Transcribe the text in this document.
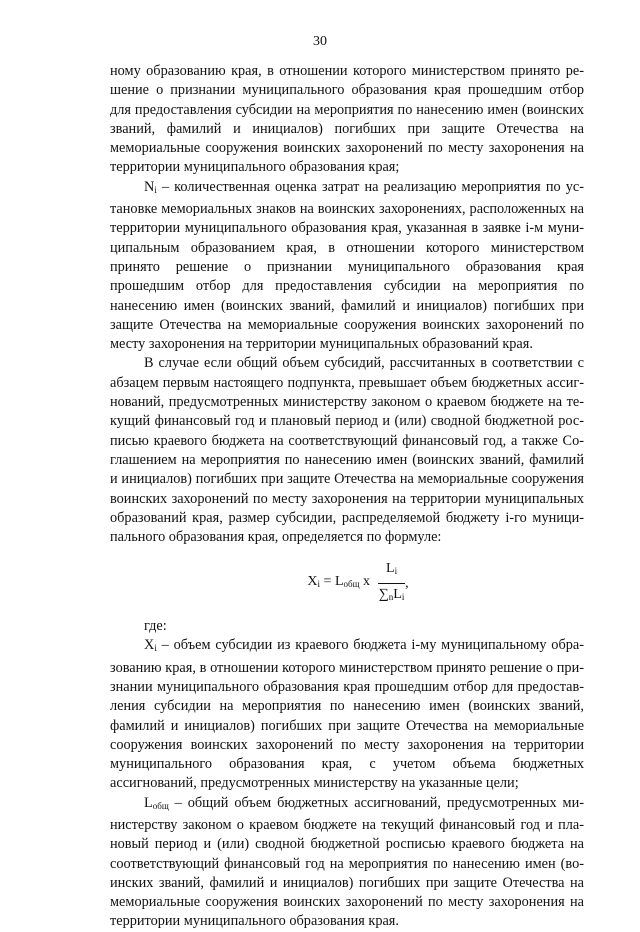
30

ному образованию края, в отношении которого министерством принято решение о признании муниципального образования края прошедшим отбор для предоставления субсидии на мероприятия по нанесению имен (воинских званий, фамилий и инициалов) погибших при защите Отечества на мемориальные сооружения воинских захоронений по месту захоронения на территории муниципального образования края;

$N_i$ – количественная оценка затрат на реализацию мероприятия по установке мемориальных знаков на воинских захоронениях, расположенных на территории муниципального образования края, указанная в заявке i-м муниципальным образованием края, в отношении которого министерством принято решение о признании муниципального образования края прошедшим отбор для предоставления субсидии на мероприятия по нанесению имен (воинских званий, фамилий и инициалов) погибших при защите Отечества на мемориальные сооружения воинских захоронений по месту захоронения на территории муниципальных образований края.

В случае если общий объем субсидий, рассчитанных в соответствии с абзацем первым настоящего подпункта, превышает объем бюджетных ассигнований, предусмотренных министерству законом о краевом бюджете на текущий финансовый год и плановый период и (или) сводной бюджетной росписью краевого бюджета на соответствующий финансовый год, а также Соглашением на мероприятия по нанесению имен (воинских званий, фамилий и инициалов) погибших при защите Отечества на мемориальные сооружения воинских захоронений по месту захоронения на территории муниципальных образований края, размер субсидии, распределяемой бюджету i-го муниципального образования края, определяется по формуле:

$X_i = L_{общ}$ x $\frac{L_i}{\sum_nL_i}$ ,

где:

$X_i$ – объем субсидии из краевого бюджета i-му муниципальному образованию края, в отношении которого министерством принято решение о признании муниципального образования края прошедшим отбор для предоставления субсидии на мероприятия по нанесению имен (воинских званий, фамилий и инициалов) погибших при защите Отечества на мемориальные сооружения воинских захоронений по месту захоронения на территории муниципального образования края, с учетом объема бюджетных ассигнований, предусмотренных министерству на указанные цели;

$L_{общ}$ – общий объем бюджетных ассигнований, предусмотренных министерству законом о краевом бюджете на текущий финансовый год и плановый период и (или) сводной бюджетной росписью краевого бюджета на соответствующий финансовый год на мероприятия по нанесению имен (воинских званий, фамилий и инициалов) погибших при защите Отечества на мемориальные сооружения воинских захоронений по месту захоронения на территории муниципального образования края.
